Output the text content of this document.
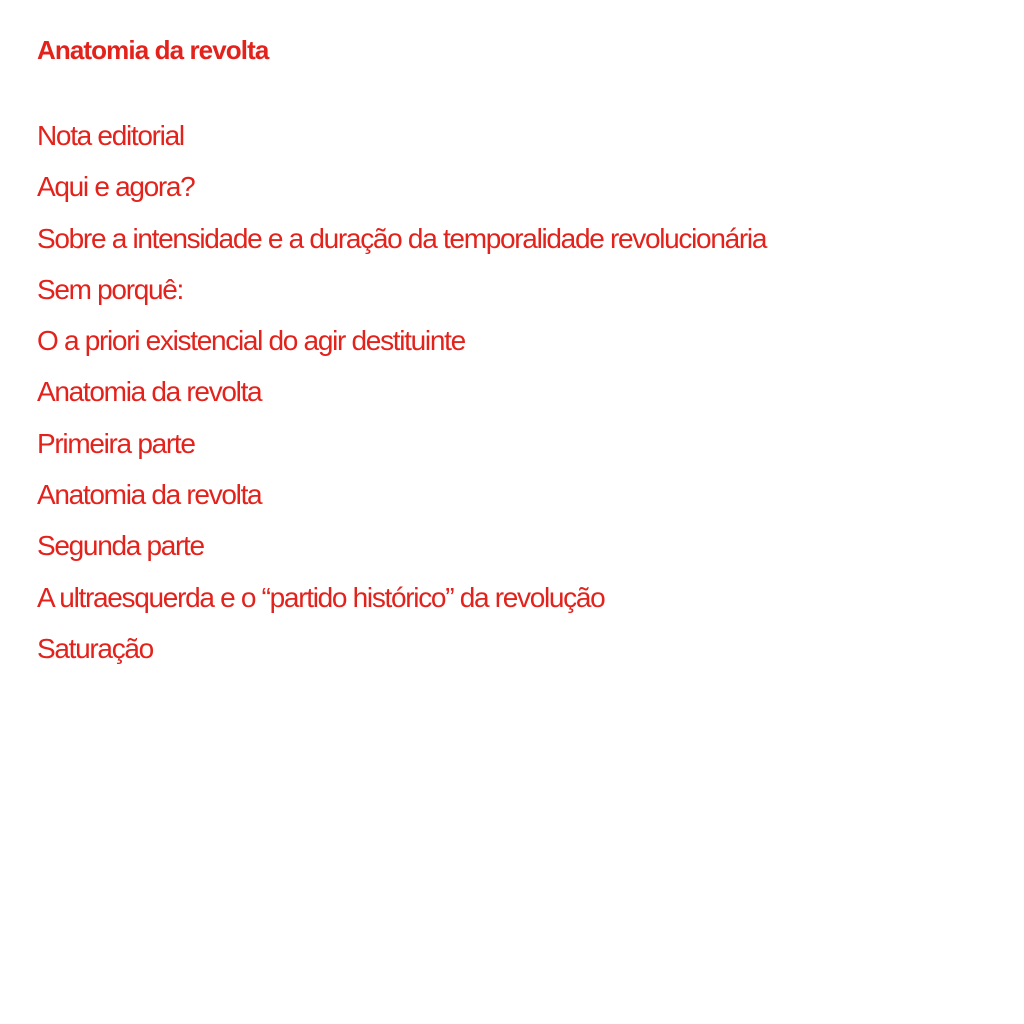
Anatomia da revolta
Nota editorial
Aqui e agora?
Sobre a intensidade e a duração da temporalidade revolucionária
Sem porquê:
O a priori existencial do agir destituinte
Anatomia da revolta
Primeira parte
Anatomia da revolta
Segunda parte
A ultraesquerda e o “partido histórico” da revolução
Saturação
